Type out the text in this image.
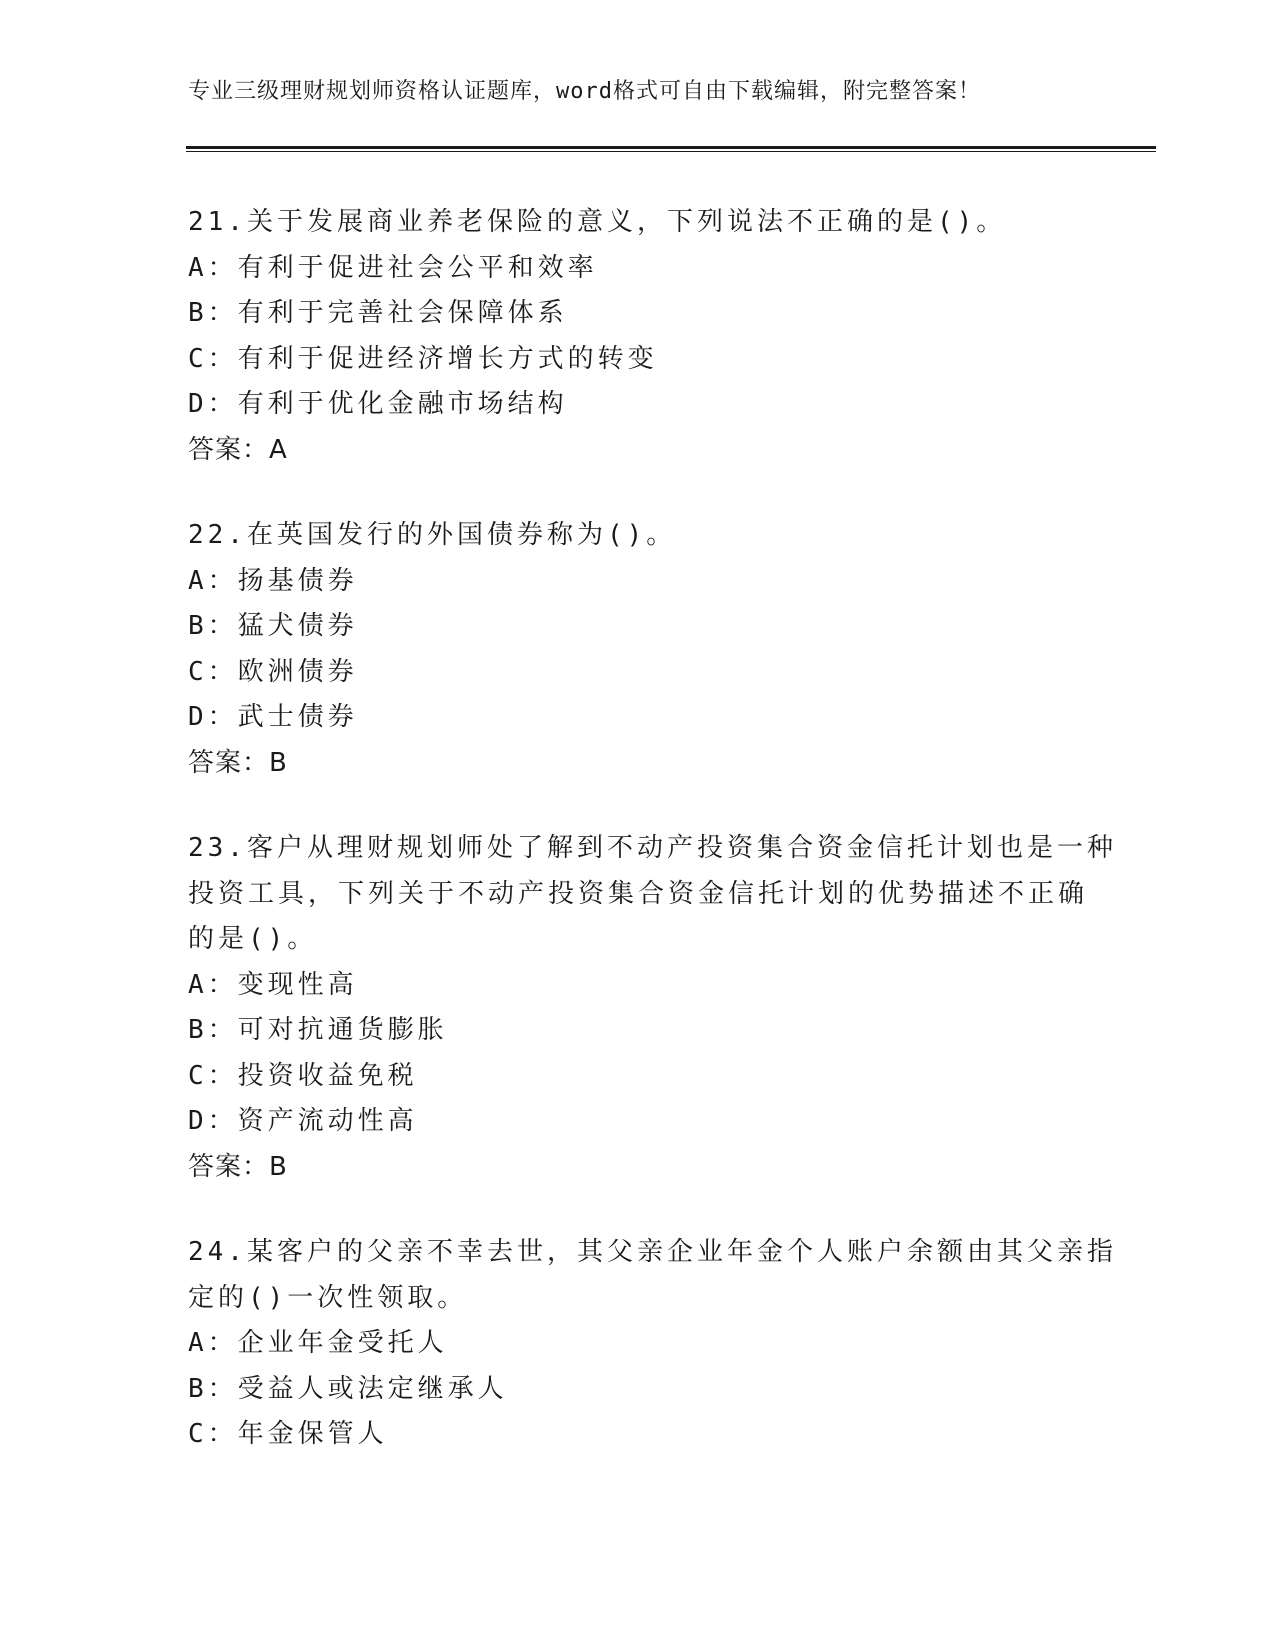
专业三级理财规划师资格认证题库，word格式可自由下载编辑，附完整答案！
21.关于发展商业养老保险的意义，下列说法不正确的是()。
A：有利于促进社会公平和效率
B：有利于完善社会保障体系
C：有利于促进经济增长方式的转变
D：有利于优化金融市场结构
答案：A
22.在英国发行的外国债券称为()。
A：扬基债券
B：猛犬债券
C：欧洲债券
D：武士债券
答案：B
23.客户从理财规划师处了解到不动产投资集合资金信托计划也是一种
投资工具，下列关于不动产投资集合资金信托计划的优势描述不正确
的是()。
A：变现性高
B：可对抗通货膨胀
C：投资收益免税
D：资产流动性高
答案：B
24.某客户的父亲不幸去世，其父亲企业年金个人账户余额由其父亲指
定的()一次性领取。
A：企业年金受托人
B：受益人或法定继承人
C：年金保管人
